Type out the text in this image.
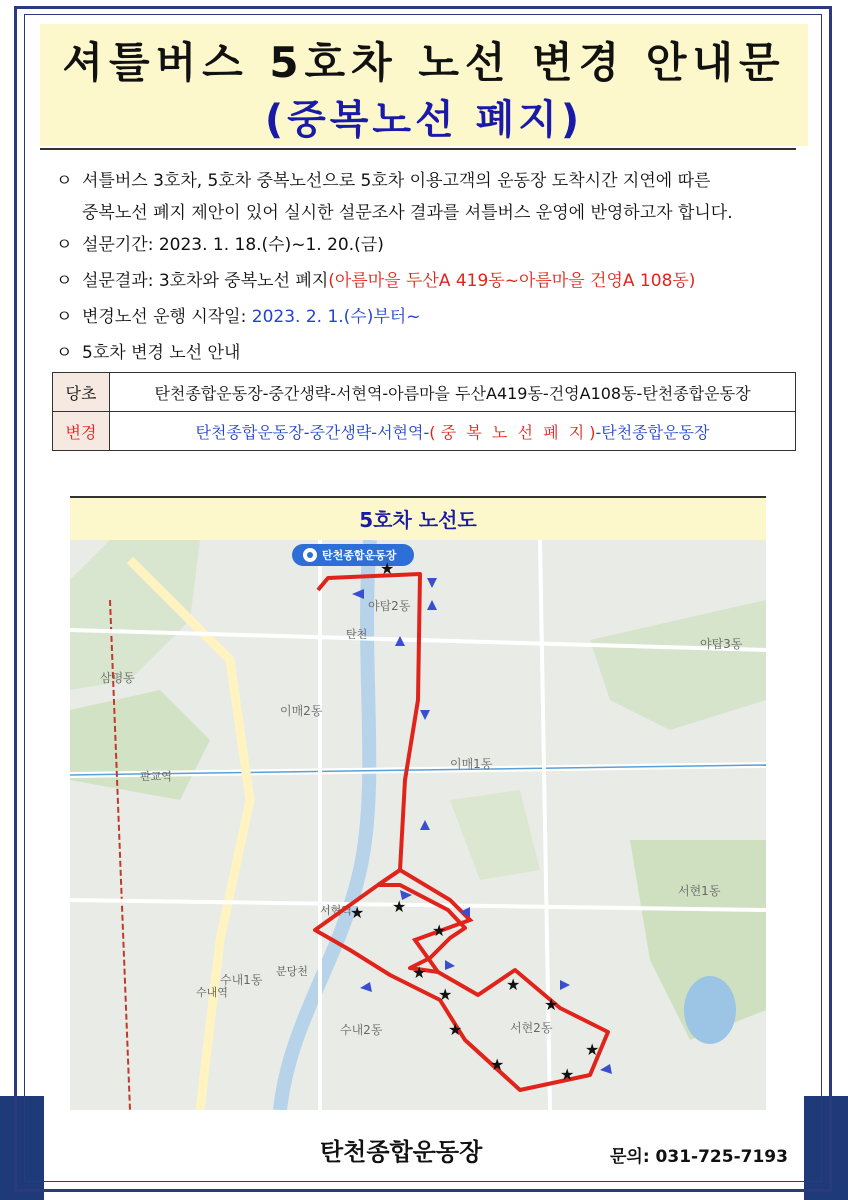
셔틀버스 5호차 노선 변경 안내문
(중복노선 폐지)
ㅇ 셔틀버스 3호차, 5호차 중복노선으로 5호차 이용고객의 운동장 도착시간 지연에 따른
중복노선 폐지 제안이 있어 실시한 설문조사 결과를 셔틀버스 운영에 반영하고자 합니다.
ㅇ 설문기간: 2023. 1. 18.(수)~1. 20.(금)
ㅇ 설문결과: 3호차와 중복노선 폐지(아름마을 두산A 419동~아름마을 건영A 108동)
ㅇ 변경노선 운행 시작일: 2023. 2. 1.(수)부터~
ㅇ 5호차 변경 노선 안내
당초	탄천종합운동장-중간생략-서현역-아름마을 두산A419동-건영A108동-탄천종합운동장
변경	탄천종합운동장-중간생략-서현역-( 중  복  노  선  폐  지 )-탄천종합운동장
5호차 노선도
야탑2동
야탑3동
이매2동
이매1동
삼평동
서현1동
서현2동
수내1동
수내2동
판교역
서현역
수내역
탄천
분당천
탄천종합운동장
★
★ ★
★
★
★
★
★
★
★
★
★
탄천종합운동장	문의: 031-725-7193
